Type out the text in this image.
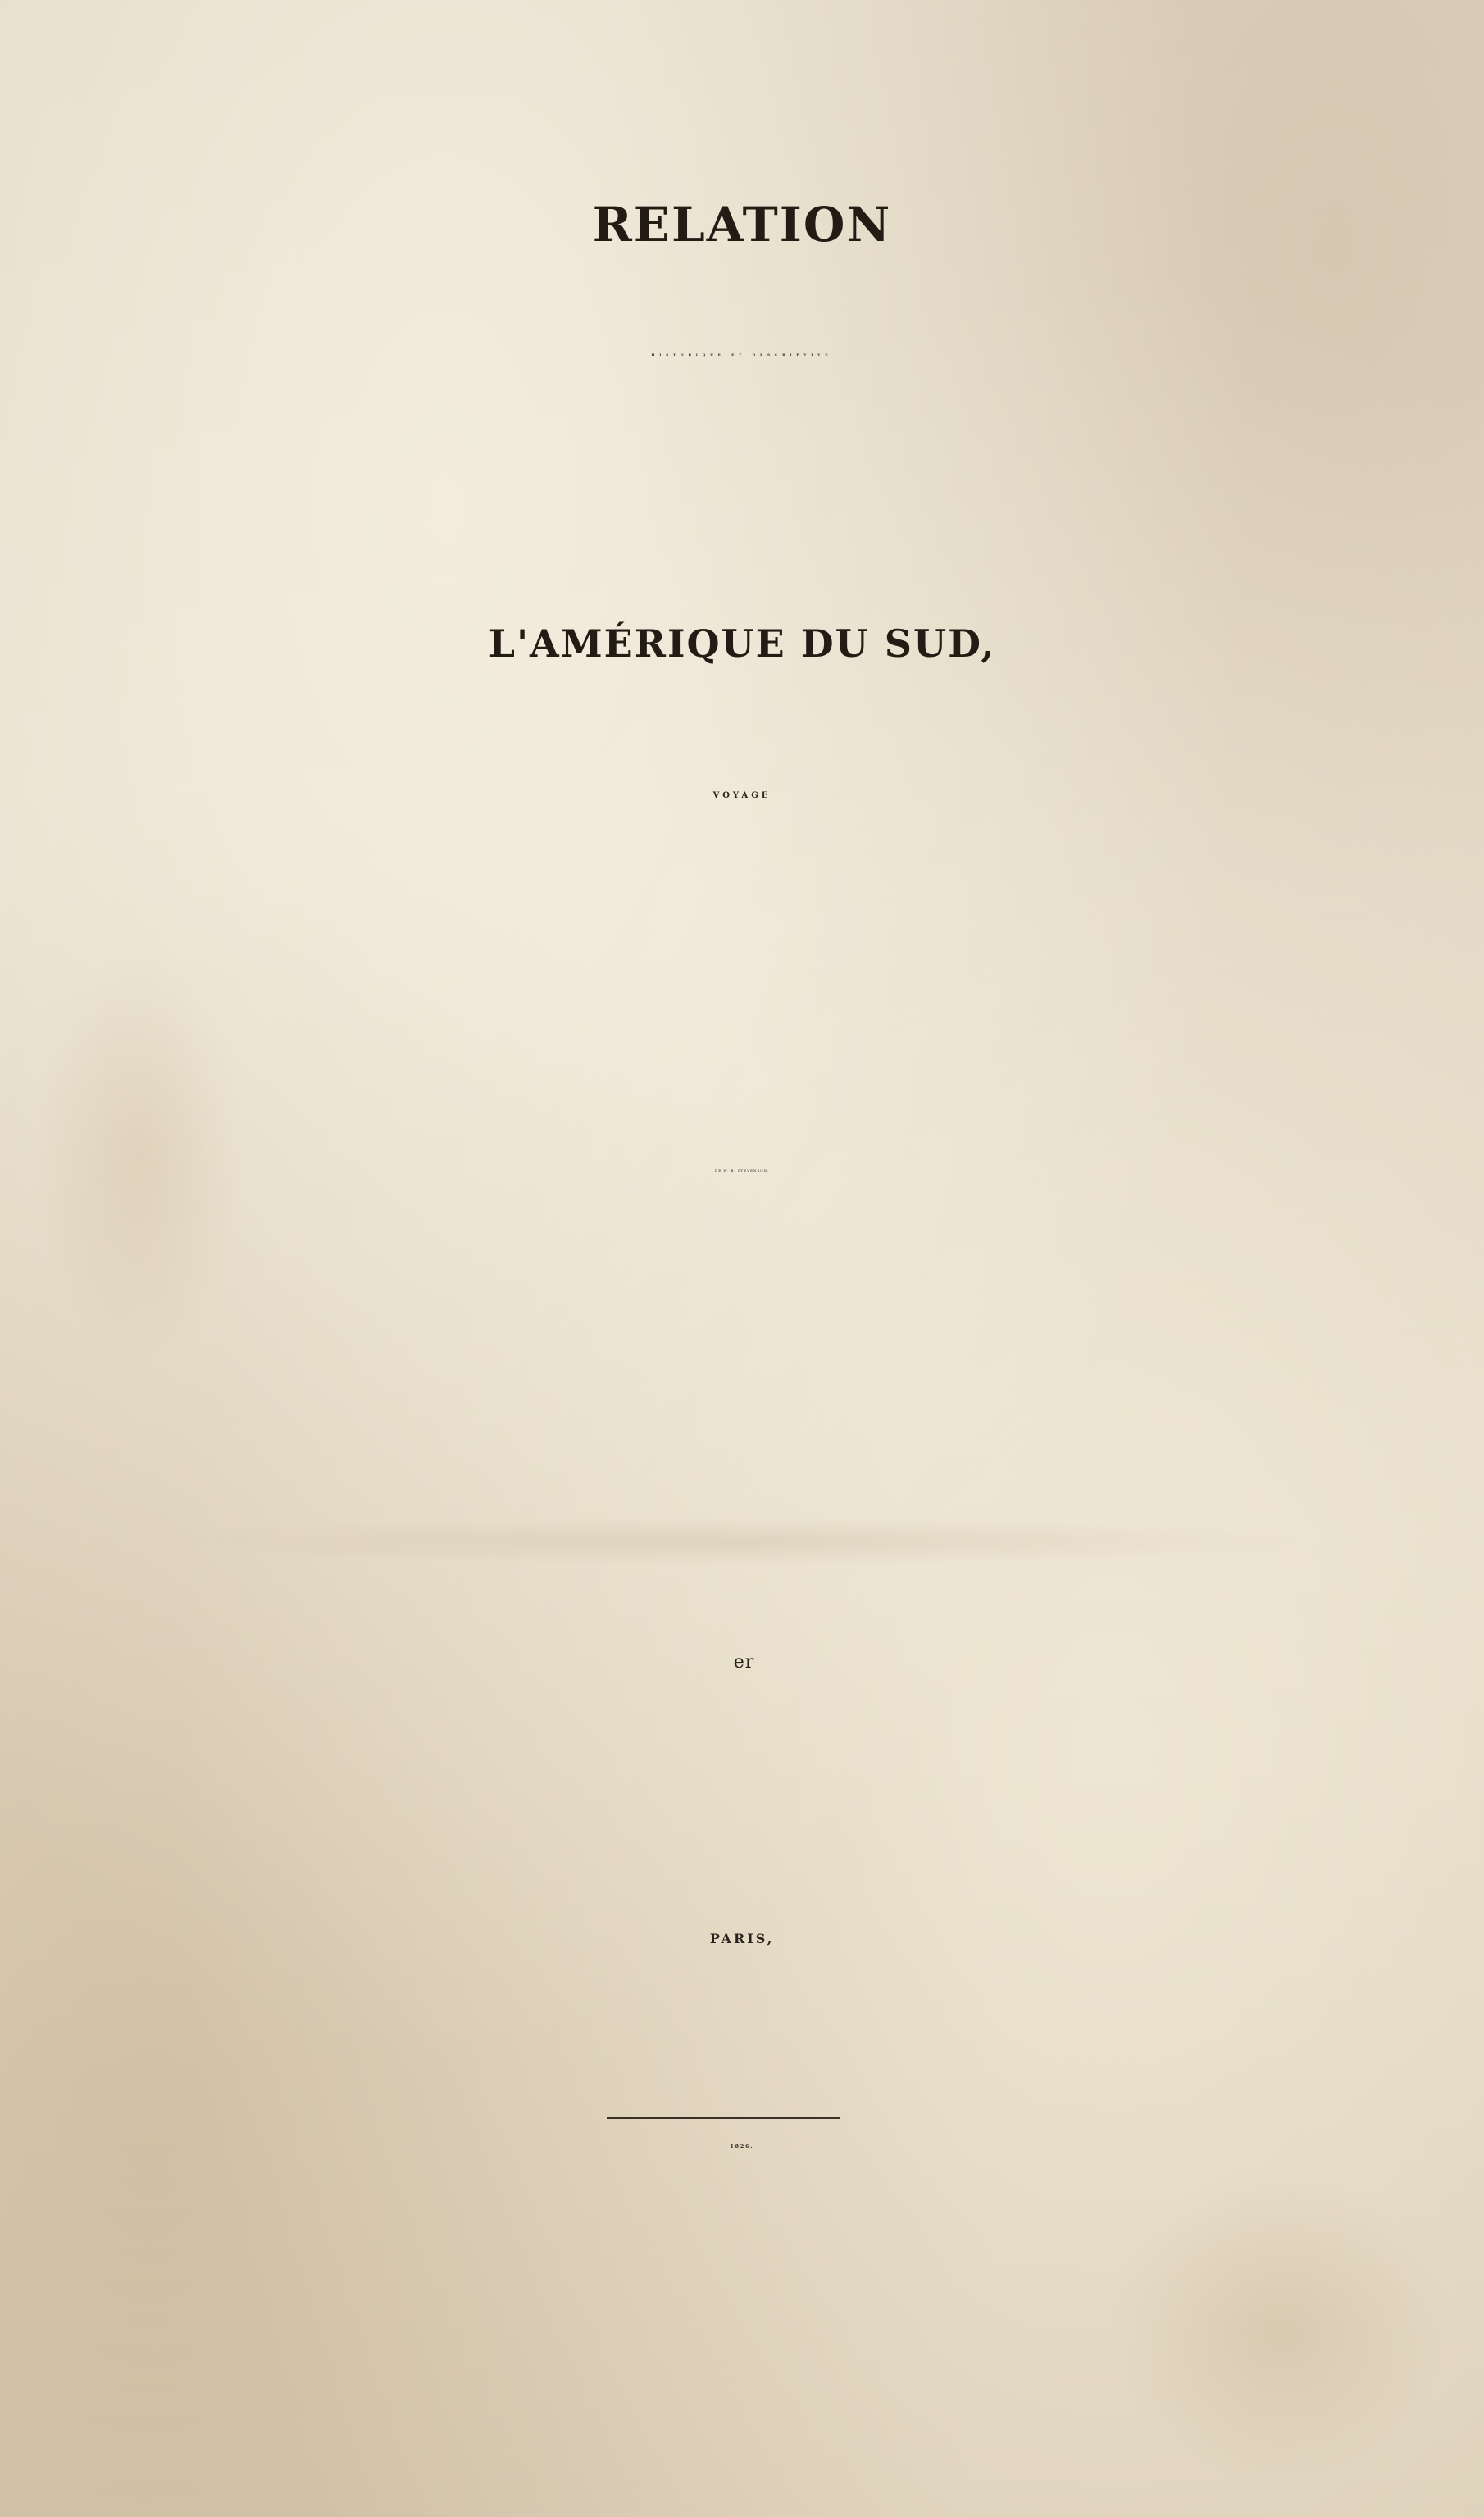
RELATION

HISTORIQUE ET DESCRIPTIVE

L'AMÉRIQUE DU SUD,

VOYAGE

DE W. B. STEVENSON,

$^{er}$

PARIS,

1826.
